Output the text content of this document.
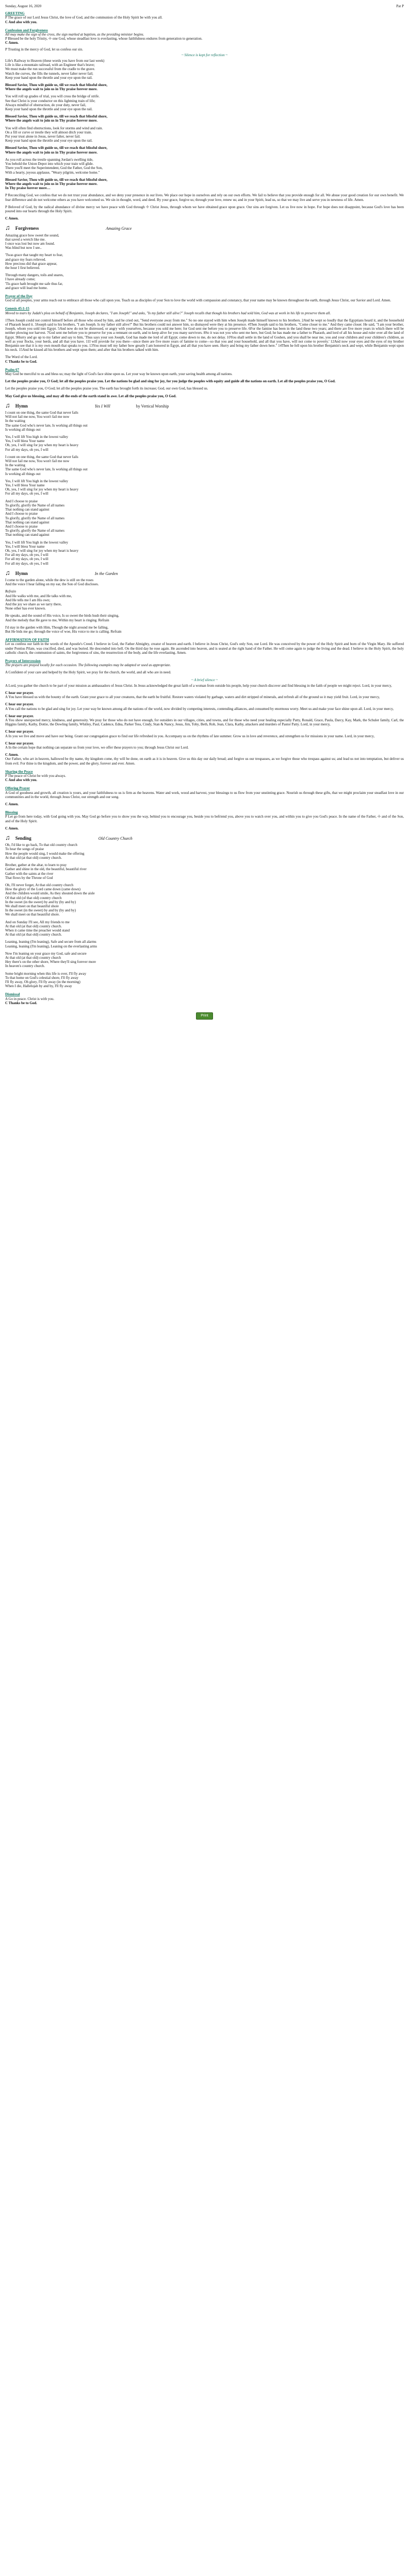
Sunday, August 16, 2020	Pat P
GREETING
P The grace of our Lord Jesus Christ, the love of God, and the communion of the Holy Spirit be with you all.
C And also with you.
Confession and Forgiveness
All may make the sign of the cross, the sign marked at baptism, as the presiding minister begins.
P Blessed be the holy Trinity, ☩ one God, whose steadfast love is everlasting, whose faithfulness endures from generation to generation.
C Amen.
P Trusting in the mercy of God, let us confess our sin.
~ Silence is kept for reflection ~
Life's Railway to Heaven (these words you have from our last week)
Life is like a mountain railroad, with an Engineer that's brave;
We must make the run successful from the cradle to the grave.
Watch the curves, the fills the tunnels, never falter never fail;
Keep your hand upon the throttle and your eye upon the rail.
Blessed Savior, Thou wilt guide us, till we reach that blissful shore,
Where the angels wait to join us in Thy praise forever more.
You will roll up grades of trial, you will cross the bridge of strife.
See that Christ is your conductor on this lightning train of life;
Always mindful of obstruction, do your duty, never fail,
Keep your hand upon the throttle and your eye upon the rail.
Blessed Savior, Thou wilt guide us, till we reach that blissful shore,
Where the angels wait to join us in Thy praise forever more.
You will often find obstructions, look for storms and wind and rain.
On a fill or curve or trestle they will almost ditch your train.
Put your trust alone in Jesus, never falter, never fail.
Keep your hand upon the throttle and your eye upon the rail.
Blessed Savior, Thou wilt guide us, till we reach that blissful shore,
Where the angels wait to join us in Thy praise forever more.
As you roll across the trestle spanning Jordan's swelling tide,
You behold the Union Depot into which your train will glide.
There you'll meet the Superintendent, God the Father, God the Son,
With a hearty, joyous applause, "Weary pilgrim, welcome home."
Blessed Savior, Thou wilt guide us, till we reach that blissful shore,
Where the angels wait to join us in Thy praise forever more.
In Thy praise forever more…
P Reconciling God, we confess that we do not trust your abundance, and we deny your presence in our lives. We place our hope in ourselves and rely on our own efforts. We fail to believe that you provide enough for all. We abuse your good creation for our own benefit. We fear difference and do not welcome others as you have welcomed us. We sin in thought, word, and deed. By your grace, forgive us; through your love, renew us; and in your Spirit, lead us, so that we may live and serve you in newness of life. Amen.
P Beloved of God, by the radical abundance of divine mercy we have peace with God through ☩ Christ Jesus, through whom we have obtained grace upon grace. Our sins are forgiven. Let us live now in hope. For hope does not disappoint, because God's love has been poured into our hearts through the Holy Spirit.
C Amen.
♫ Forgiveness	Amazing Grace
Amazing grace how sweet the sound,
that saved a wretch like me.
I once was lost but now am found.
Was blind but now I see..
'Twas grace that taught my heart to fear,
and grace my fears relieved.
How precious did that grace appear,
the hour I first believed.
Through many dangers, toils and snares,
I have already come;
'Tis grace hath brought me safe thus far,
and grace will lead me home.
Prayer of the Day
God of all peoples, your arms reach out to embrace all those who call upon you. Teach us as disciples of your Son to love the world with compassion and constancy, that your name may be known throughout the earth, through Jesus Christ, our Savior and Lord. Amen.
Genesis 45:1-15
Moved to tears by Judah's plea on behalf of Benjamin, Joseph declares, "I am Joseph!" and asks, "Is my father still alive?" Joseph recalls that though his brothers had sold him, God was at work in his life to preserve them all.
1Then Joseph could not control himself before all those who stood by him, and he cried out, "Send everyone away from me." So no one stayed with him when Joseph made himself known to his brothers. 2And he wept so loudly that the Egyptians heard it, and the household of Pharaoh heard it. 3Joseph said to his brothers, "I am Joseph. Is my father still alive?" But his brothers could not answer him, so dismayed were they at his presence. 4Then Joseph said to his brothers, "Come closer to me." And they came closer. He said, "I am your brother, Joseph, whom you sold into Egypt. 5And now do not be distressed, or angry with yourselves, because you sold me here; for God sent me before you to preserve life. 6For the famine has been in the land these two years; and there are five more years in which there will be neither plowing nor harvest. 7God sent me before you to preserve for you a remnant on earth, and to keep alive for you many survivors. 8So it was not you who sent me here, but God; he has made me a father to Pharaoh, and lord of all his house and ruler over all the land of Egypt. 9Hurry and go up to my father and say to him, 'Thus says your son Joseph, God has made me lord of all Egypt; come down to me, do not delay. 10You shall settle in the land of Goshen, and you shall be near me, you and your children and your children's children, as well as your flocks, your herds, and all that you have. 11I will provide for you there—since there are five more years of famine to come—so that you and your household, and all that you have, will not come to poverty.' 12And now your eyes and the eyes of my brother Benjamin see that it is my own mouth that speaks to you. 13You must tell my father how greatly I am honored in Egypt, and all that you have seen. Hurry and bring my father down here." 14Then he fell upon his brother Benjamin's neck and wept, while Benjamin wept upon his neck. 15And he kissed all his brothers and wept upon them; and after that his brothers talked with him.
The Word of the Lord.
C Thanks be to God.
Psalm 67
May God be merciful to us and bless us; may the light of God's face shine upon us. Let your way be known upon earth, your saving health among all nations.
Let the peoples praise you, O God; let all the peoples praise you. Let the nations be glad and sing for joy, for you judge the peoples with equity and guide all the nations on earth. Let all the peoples praise you, O God.
Let the peoples praise you, O God; let all the peoples praise you. The earth has brought forth its increase; God, our own God, has blessed us.
May God give us blessing, and may all the ends of the earth stand in awe. Let all the peoples praise you, O God.
♫ Hymn	Yes I Will	by Vertical Worship
I count on one thing, the same God that never fails
Will not fail me now, You won't fail me now
In the waiting
The same God who's never late, Is working all things out
Is working all things out
Yes, I will lift You high in the lowest valley
Yes, I will bless Your name
Oh, yes, I will sing for joy when my heart is heavy
For all my days, oh yes, I will
I count on one thing, the same God that never fails
Will not fail me now, You won't fail me now
In the waiting
The same God who's never late, Is working all things out
Is working all things out
Yes, I will lift You high in the lowest valley
Yes, I will bless Your name
Oh, yes, I will sing for joy when my heart is heavy
For all my days, oh yes, I will
And I choose to praise
To glorify, glorify the Name of all names
That nothing can stand against
And I choose to praise
To glorify, glorify the Name of all names
That nothing can stand against
And I choose to praise
To glorify, glorify the Name of all names
That nothing can stand against
Yes, I will lift You high in the lowest valley
Yes, I will bless Your name
Oh, yes, I will sing for joy when my heart is heavy
For all my days, oh yes, I will
For all my days, oh yes, I will
For all my days, oh yes, I will
♫ Hymn	In the Garden
I come to the garden alone, while the dew is still on the roses
And the voice I hear falling on my ear, the Son of God discloses.
Refrain
And He walks with me, and He talks with me,
And He tells me I am His own;
And the joy we share as we tarry there,
None other has ever known.
He speaks, and the sound of His voice, Is so sweet the birds hush their singing,
And the melody that He gave to me, Within my heart is ringing. Refrain
I'd stay in the garden with Him, Though the night around me be falling,
But He bids me go; through the voice of woe, His voice to me is calling. Refrain
AFFIRMATION OF FAITH
Let us confess our faith in the words of the Apostle's Creed. I believe in God, the Father Almighty, creator of heaven and earth. I believe in Jesus Christ, God's only Son, our Lord. He was conceived by the power of the Holy Spirit and born of the Virgin Mary. He suffered under Pontius Pilate, was crucified, died, and was buried. He descended into hell. On the third day he rose again. He ascended into heaven, and is seated at the right hand of the Father. He will come again to judge the living and the dead. I believe in the Holy Spirit, the holy catholic church, the communion of saints, the forgiveness of sins, the resurrection of the body, and the life everlasting. Amen.
Prayers of Intercession
The prayers are prayed locally for each occasion. The following examples may be adapted or used as appropriate.
A Confident of your care and helped by the Holy Spirit, we pray for the church, the world, and all who are in need.
~ A brief silence ~
A Lord, you gather the church to be part of your mission as ambassadors of Jesus Christ. In Jesus acknowledged the great faith of a woman from outside his people, help your church discover and find blessing in the faith of people we might reject. Lord, in your mercy,
C hear our prayer.
A You have blessed us with the bounty of the earth. Grant your grace to all your creatures, that the earth be fruitful. Restore waters violated by garbage, waters and dirt stripped of minerals, and refresh all of the ground so it may yield fruit. Lord, in your mercy,
C hear our prayer.
A You call the nations to be glad and sing for joy. Let your way be known among all the nations of the world, now divided by competing interests, contending alliances, and consumed by enormous worry. Meet us and make your face shine upon all. Lord, in your mercy,
C hear our prayer.
A You show unexpected mercy, kindness, and generosity. We pray for those who do not have enough, for outsiders in our villages, cities, and towns, and for those who need your healing especially Patty, Ronald, Grace, Paula, Darcy, Kay, Mark, the Schuler family, Carl, the Higgins family, Kathy, Dottie, the Dowling family, Whitley, Paul, Cadence, Edna, Parker Tess, Cindy, Stan & Nancy, Jesus, Jim, Toby, Beth, Rob, Jean, Clara, Kathy, attackers and murders of Pastor Patty. Lord, in your mercy,
C hear our prayer.
A In you we live and move and have our being. Grant our congregation grace to find our life refreshed in you. Accompany us on the rhythms of late summer. Grow us in love and reverence, and strengthen us for missions in your name. Lord, in your mercy,
C hear our prayer.
A In the certain hope that nothing can separate us from your love, we offer these prayers to you; through Jesus Christ our Lord.
C Amen.
Our Father, who art in heaven, hallowed be thy name, thy kingdom come, thy will be done, on earth as it is in heaven. Give us this day our daily bread; and forgive us our trespasses, as we forgive those who trespass against us; and lead us not into temptation, but deliver us from evil. For thine is the kingdom, and the power, and the glory, forever and ever. Amen.
Sharing the Peace
P The peace of Christ be with you always.
C And also with you.
Offering Prayer
A God of goodness and growth, all creation is yours, and your faithfulness to us is firm as the heavens. Water and work, wood and harvest, your blessings to us flow from your unstinting grace. Nourish us through these gifts, that we might proclaim your steadfast love in our communities and in the world, through Jesus Christ, our strength and our song.
C Amen.
Blessing
P Let go from here today, with God going with you. May God go before you to show you the way, behind you to encourage you, beside you to befriend you, above you to watch over you, and within you to give you God's peace. In the name of the Father, ☩ and of the Son, and of the Holy Spirit.
C Amen.
♫ Sending	Old Country Church
Oh, I'd like to go back, To that old country church
To hear the songs of praise
How the people would sing, I would make the offering
At that old (at that old) country church.
Brother, gather at the altar, to learn to pray
Gather and shine in the old, the beautiful, beautiful river
Gather with the saints at the river
That flows by the Throne of God
Oh, I'll never forget, At that old country church
How the glory of the Lord came down (came down)
And the children would smile, As they shouted down the aisle
Of that old (of that old) country church
In the sweet (in the sweet) by and by (by and by)
We shall meet on that beautiful shore
In the sweet (in the sweet) by and by (by and by)
We shall meet on that beautiful shore.
And on Sunday I'll see, All my friends to me
At that old (at that old) country church.
When it came time the preacher would stand
At that old (at that old) country church.
Leaning, leaning (I'm leaning), Safe and secure from all alarms
Leaning, leaning (I'm leaning), Leaning on the everlasting arms
Now I'm leaning on your grace my God, safe and secure
At that old (at that old) country church
Hey there's on the other shore, Where they'll sing forever more
In heaven's country church.
Some bright morning when this life is over, I'll fly away
To that home on God's celestial shore, I'll fly away
I'll fly away, Oh glory, I'll fly away (in the morning)
When I die, Hallelujah by and by, I'll fly away
Dismissal
A Go in peace. Christ is with you.
C Thanks be to God.
Print
